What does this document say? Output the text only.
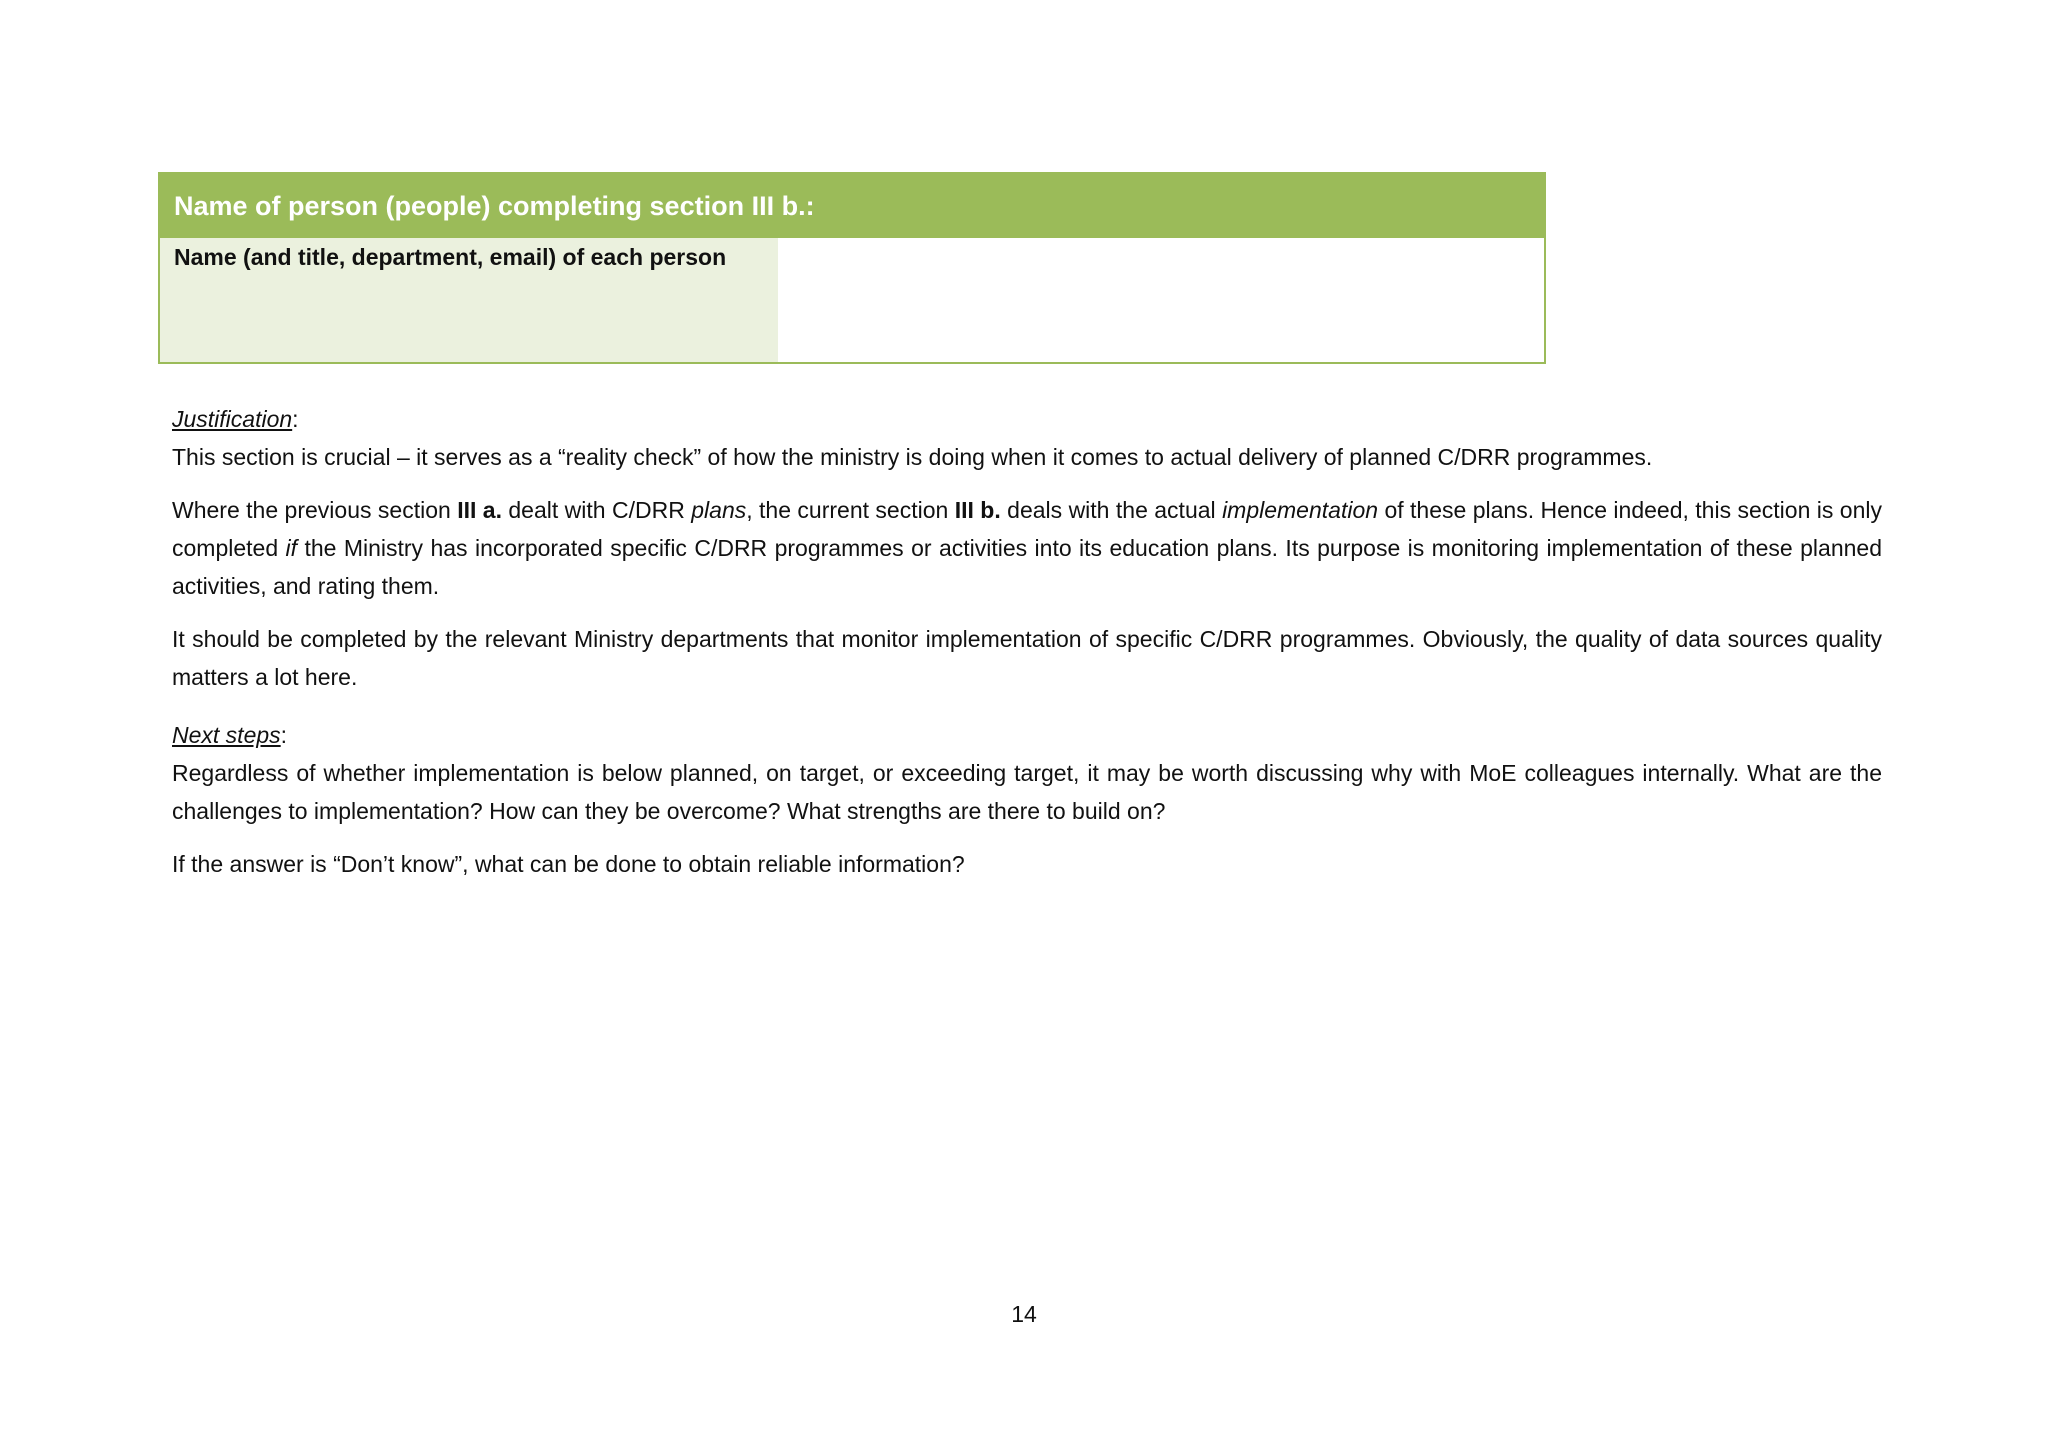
Name of person (people) completing section III b.:
Name (and title, department, email) of each person

Justification:

This section is crucial – it serves as a “reality check” of how the ministry is doing when it comes to actual delivery of planned C/DRR programmes.

Where the previous section III a. dealt with C/DRR plans, the current section III b. deals with the actual implementation of these plans. Hence indeed, this section is only completed if the Ministry has incorporated specific C/DRR programmes or activities into its education plans. Its purpose is monitoring implementation of these planned activities, and rating them.

It should be completed by the relevant Ministry departments that monitor implementation of specific C/DRR programmes. Obviously, the quality of data sources quality matters a lot here.

Next steps:

Regardless of whether implementation is below planned, on target, or exceeding target, it may be worth discussing why with MoE colleagues internally. What are the challenges to implementation? How can they be overcome? What strengths are there to build on?

If the answer is “Don’t know”, what can be done to obtain reliable information?

14
